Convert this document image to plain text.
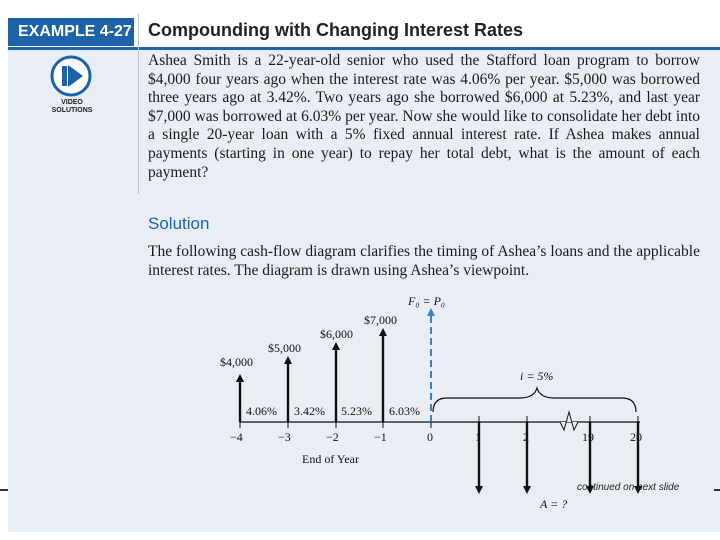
EXAMPLE 4-27 Compounding with Changing Interest Rates
VIDEO
SOLUTIONS

Ashea Smith is a 22-year-old senior who used the Stafford loan program to borrow $4,000 four years ago when the interest rate was 4.06% per year. $5,000 was borrowed three years ago at 3.42%. Two years ago she borrowed $6,000 at 5.23%, and last year $7,000 was borrowed at 6.03% per year. Now she would like to consolidate her debt into a single 20-year loan with a 5% fixed annual interest rate. If Ashea makes annual payments (starting in one year) to repay her total debt, what is the amount of each payment?

Solution

The following cash-flow diagram clarifies the timing of Ashea’s loans and the applicable interest rates. The diagram is drawn using Ashea’s viewpoint.

F₀ = P₀
$4,000
$5,000
$6,000
$7,000
4.06% 3.42% 5.23% 6.03%
−4	−3	−2	−1	0	1	2	19	20
i = 5%
End of Year
A = ?
continued on next slide
